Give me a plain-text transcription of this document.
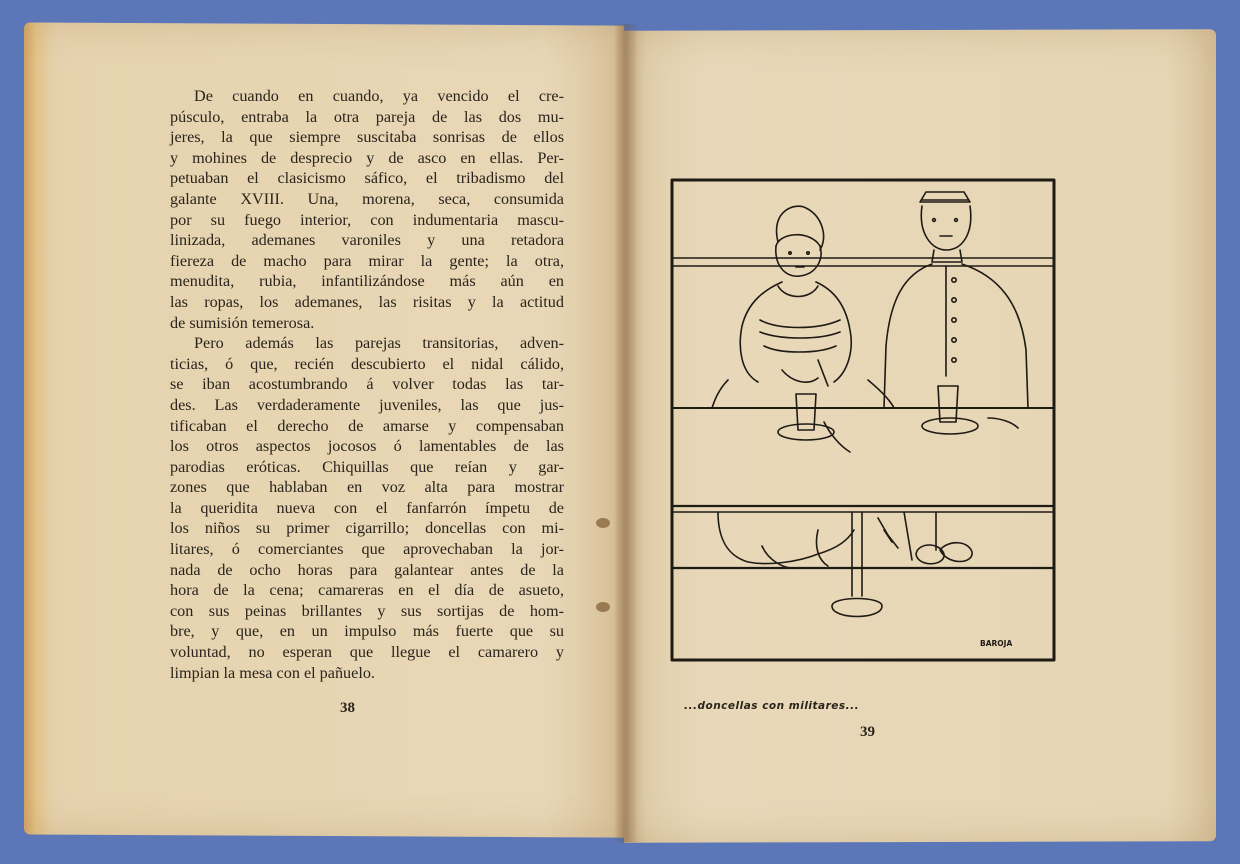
De cuando en cuando, ya vencido el cre-
púsculo, entraba la otra pareja de las dos mu-
jeres, la que siempre suscitaba sonrisas de ellos
y mohines de desprecio y de asco en ellas. Per-
petuaban el clasicismo sáfico, el tribadismo del
galante XVIII. Una, morena, seca, consumida
por su fuego interior, con indumentaria mascu-
linizada, ademanes varoniles y una retadora
fiereza de macho para mirar la gente; la otra,
menudita, rubia, infantilizándose más aún en
las ropas, los ademanes, las risitas y la actitud
de sumisión temerosa.
Pero además las parejas transitorias, adven-
ticias, ó que, recién descubierto el nidal cálido,
se iban acostumbrando á volver todas las tar-
des. Las verdaderamente juveniles, las que jus-
tificaban el derecho de amarse y compensaban
los otros aspectos jocosos ó lamentables de las
parodias eróticas. Chiquillas que reían y gar-
zones que hablaban en voz alta para mostrar
la queridita nueva con el fanfarrón ímpetu de
los niños su primer cigarrillo; doncellas con mi-
litares, ó comerciantes que aprovechaban la jor-
nada de ocho horas para galantear antes de la
hora de la cena; camareras en el día de asueto,
con sus peinas brillantes y sus sortijas de hom-
bre, y que, en un impulso más fuerte que su
voluntad, no esperan que llegue el camarero y
limpian la mesa con el pañuelo.
38
BAROJA
...doncellas con militares...
39
